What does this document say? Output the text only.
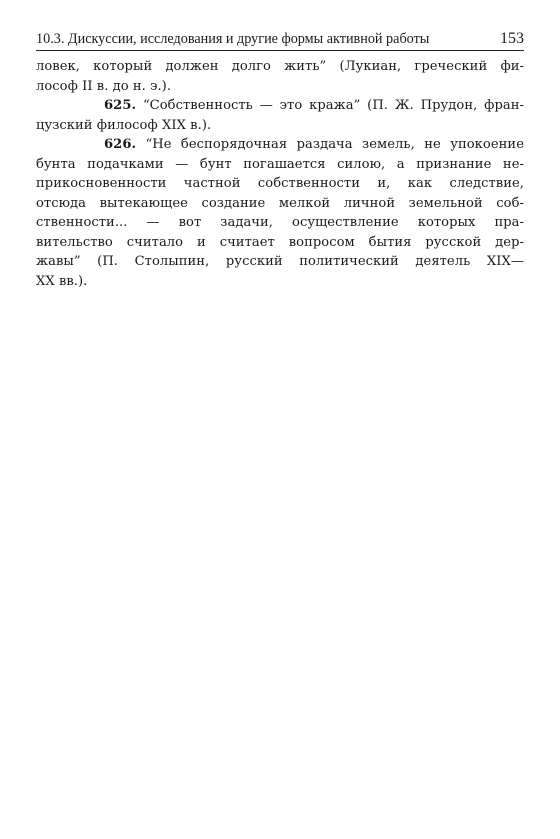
10.3. Дискуссии, исследования и другие формы активной работы	153
ловек, который должен долго жить” (Лукиан, греческий фи-
лософ II в. до н. э.).
625. “Собственность — это кража” (П. Ж. Прудон, фран-
цузский философ XIX в.).
626. “Не беспорядочная раздача земель, не упокоение
бунта подачками — бунт погашается силою, а признание не-
прикосновенности частной собственности и, как следствие,
отсюда вытекающее создание мелкой личной земельной соб-
ственности... — вот задачи, осуществление которых пра-
вительство считало и считает вопросом бытия русской дер-
жавы” (П. Столыпин, русский политический деятель XIX—
XX вв.).
